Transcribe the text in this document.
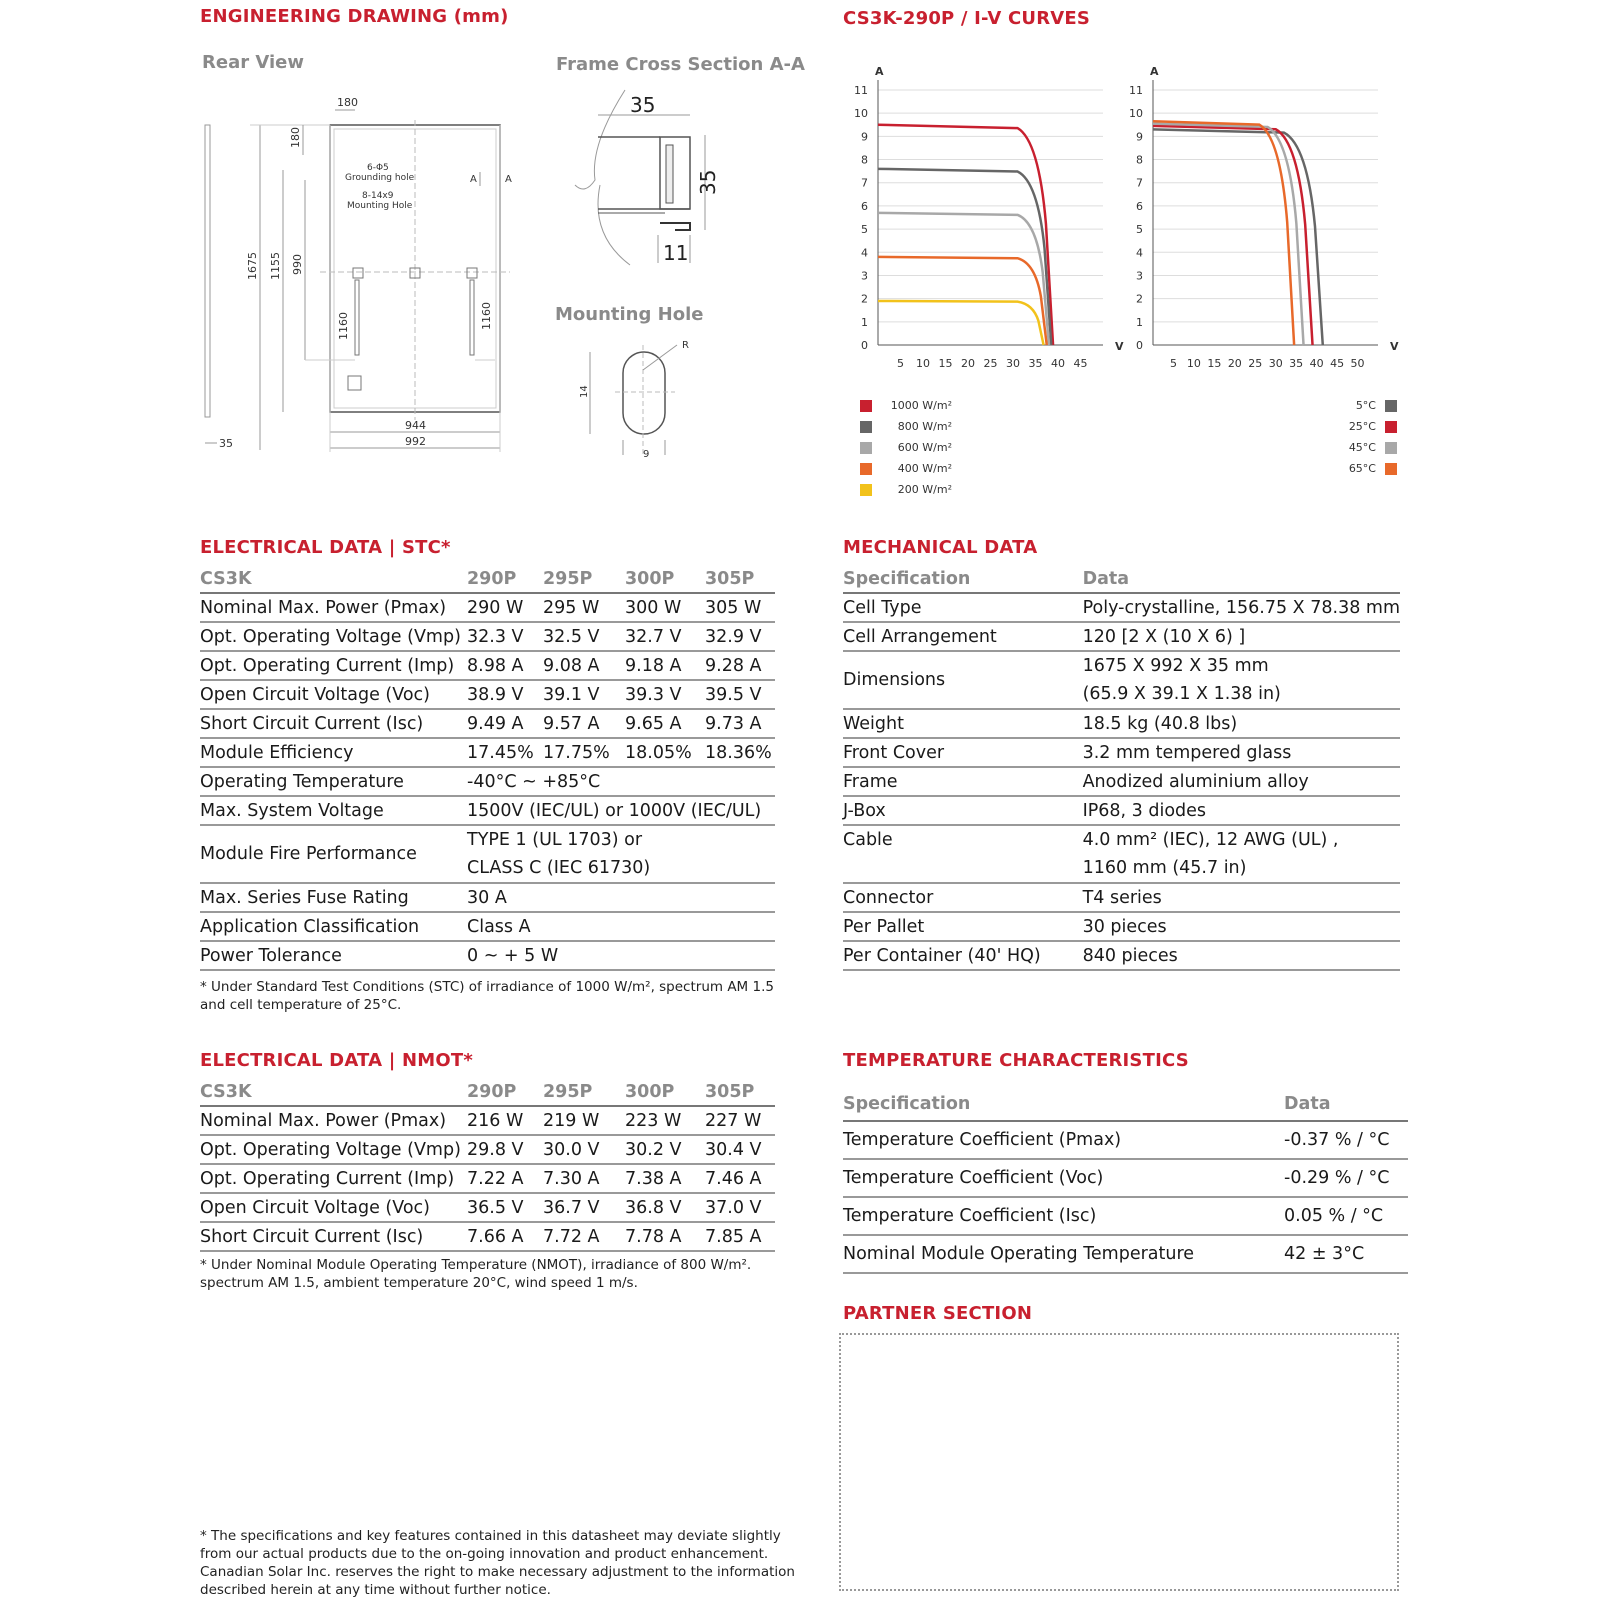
ENGINEERING DRAWING (mm)	CS3K-290P / I-V CURVES
Rear View	Frame Cross Section A-A
Mounting Hole
180
180
6-Φ5
Grounding hole
8-14x9
Mounting Hole
A	A
1675 1155 990
1160	1160
944
992
35
35
35
11
14
9
R	0
1
2
3
4
5
6
7
8
9
10
11
5 10 15 20 25 30 35 40 45
A
V 0
1
2
3
4
5
6
7
8
9
10
11
5 10 15 20 25 30 35 40 45 50
A
V
1000 W/m²
800 W/m²
600 W/m²
400 W/m²
200 W/m²
5°C
25°C
45°C
65°C
ELECTRICAL DATA | STC*
CS3K	290P	295P	300P	305P
Nominal Max. Power (Pmax)	290 W	295 W	300 W	305 W
Opt. Operating Voltage (Vmp)	32.3 V	32.5 V	32.7 V	32.9 V
Opt. Operating Current (Imp)	8.98 A	9.08 A	9.18 A	9.28 A
Open Circuit Voltage (Voc)	38.9 V	39.1 V	39.3 V	39.5 V
Short Circuit Current (Isc)	9.49 A	9.57 A	9.65 A	9.73 A
Module Efficiency	17.45%	17.75%	18.05%	18.36%
Operating Temperature	-40°C ~ +85°C			

Max. System Voltage	1500V (IEC/UL) or 1000V (IEC/UL)			

Module Fire Performance	TYPE 1 (UL 1703) or
CLASS C (IEC 61730)			

Max. Series Fuse Rating	30 A			

Application Classification	Class A			

Power Tolerance	0 ~ + 5 W			
* Under Standard Test Conditions (STC) of irradiance of 1000 W/m², spectrum AM 1.5
and cell temperature of 25°C.
MECHANICAL DATA
Specification	Data
Cell Type	Poly-crystalline, 156.75 X 78.38 mm

Cell Arrangement	120 [2 X (10 X 6) ]

Dimensions	1675 X 992 X 35 mm
(65.9 X 39.1 X 1.38 in)

Weight	18.5 kg (40.8 lbs)

Front Cover	3.2 mm tempered glass

Frame	Anodized aluminium alloy

J-Box	IP68, 3 diodes

Cable	4.0 mm² (IEC), 12 AWG (UL) ,
1160 mm (45.7 in)

Connector	T4 series

Per Pallet	30 pieces

Per Container (40' HQ)	840 pieces
ELECTRICAL DATA | NMOT*
CS3K	290P	295P	300P	305P
Nominal Max. Power (Pmax)	216 W	219 W	223 W	227 W
Opt. Operating Voltage (Vmp)	29.8 V	30.0 V	30.2 V	30.4 V
Opt. Operating Current (Imp)	7.22 A	7.30 A	7.38 A	7.46 A
Open Circuit Voltage (Voc)	36.5 V	36.7 V	36.8 V	37.0 V
Short Circuit Current (Isc)	7.66 A	7.72 A	7.78 A	7.85 A
* Under Nominal Module Operating Temperature (NMOT), irradiance of 800 W/m².
spectrum AM 1.5, ambient temperature 20°C, wind speed 1 m/s.
TEMPERATURE CHARACTERISTICS
Specification	Data
Temperature Coefficient (Pmax)	-0.37 % / °C
Temperature Coefficient (Voc)	-0.29 % / °C
Temperature Coefficient (Isc)	0.05 % / °C
Nominal Module Operating Temperature	42 ± 3°C
PARTNER SECTION
* The specifications and key features contained in this datasheet may deviate slightly
from our actual products due to the on-going innovation and product enhancement.
Canadian Solar Inc. reserves the right to make necessary adjustment to the information
described herein at any time without further notice.
